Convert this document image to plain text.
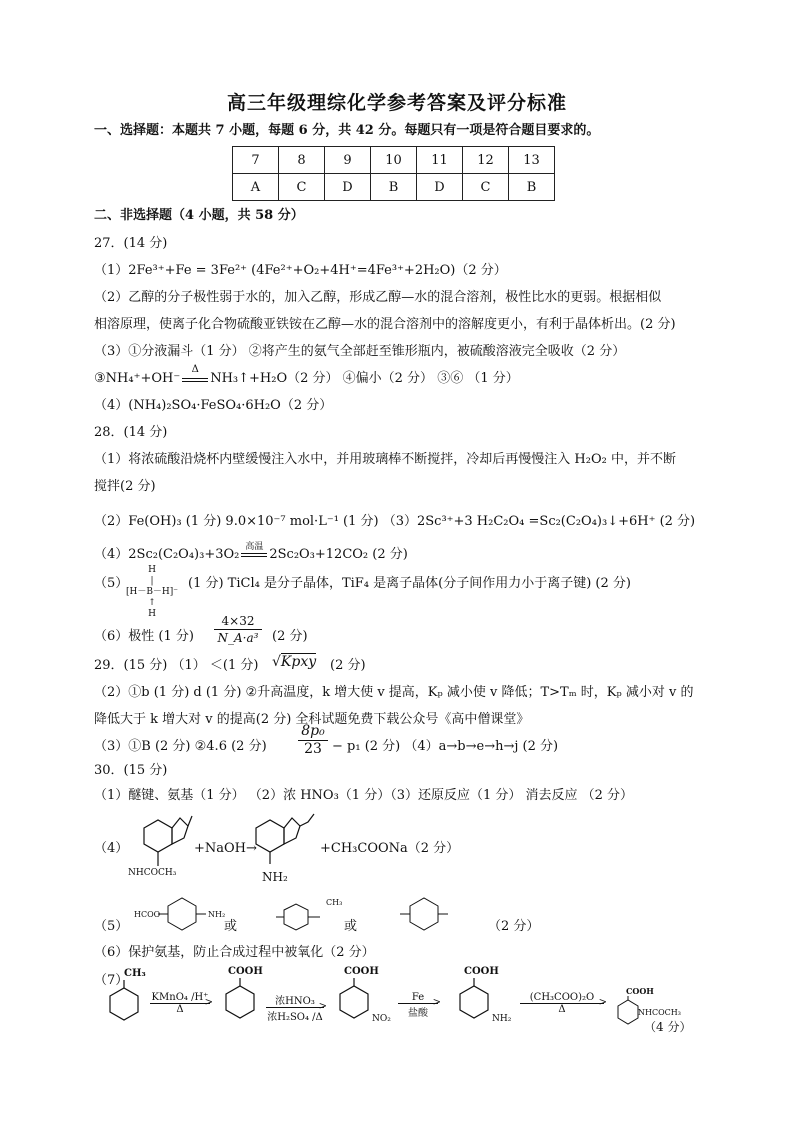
高三年级理综化学参考答案及评分标准
一、选择题：本题共 7 小题，每题 6 分，共 42 分。每题只有一项是符合题目要求的。
7	8	9	10	11	12	13
A	C	D	B	D	C	B
二、非选择题（4 小题，共 58 分）
27．(14 分)
（1）2Fe³⁺+Fe = 3Fe²⁺ (4Fe²⁺+O₂+4H⁺=4Fe³⁺+2H₂O)（2 分）
（2）乙醇的分子极性弱于水的，加入乙醇，形成乙醇—水的混合溶剂，极性比水的更弱。根据相似
相溶原理，使离子化合物硫酸亚铁铵在乙醇—水的混合溶剂中的溶解度更小，有利于晶体析出。(2 分)
（3）①分液漏斗（1 分） ②将产生的氨气全部赶至锥形瓶内，被硫酸溶液完全吸收（2 分）
③NH₄⁺+OH⁻
Δ
NH₃↑+H₂O（2 分） ④偏小（2 分） ③⑥ （1 分）
（4）(NH₄)₂SO₄·FeSO₄·6H₂O（2 分）
28．(14 分)
（1）将浓硫酸沿烧杯内壁缓慢注入水中，并用玻璃棒不断搅拌，冷却后再慢慢注入 H₂O₂ 中，并不断
搅拌(2 分)
（2）Fe(OH)₃ (1 分) 9.0×10⁻⁷ mol·L⁻¹ (1 分) （3）2Sc³⁺+3 H₂C₂O₄ =Sc₂(C₂O₄)₃↓+6H⁺ (2 分)
（4）2Sc₂(C₂O₄)₃+3O₂ 高温 2Sc₂O₃+12CO₂ (2 分)
（5）
H
|
[H－B－H]⁻
↑
H
(1 分) TiCl₄ 是分子晶体，TiF₄ 是离子晶体(分子间作用力小于离子键) (2 分)
（6）极性 (1 分) $\frac{4\times 32}{\text{N\_A·a³}} (2$ 分)
29．(15 分) （1） ＜(1 分) √Kpxy (2 分)
（2）①b (1 分) d (1 分) ②升高温度，k 增大使 v 提高，Kₚ 减小使 v 降低；T>Tₘ 时，Kₚ 减小对 v 的
降低大于 k 增大对 v 的提高(2 分) 全科试题免费下载公众号《高中僧课堂》
（3）①B (2 分) ②4.6 (2 分) $\frac{\text{8p₀}}{23} - p_1$ (2 分) （4）a→b→e→h→j (2 分)
30．(15 分)
（1）醚键、氨基（1 分） （2）浓 HNO₃（1 分）（3）还原反应（1 分） 消去反应 （2 分）
（4）
NHCOCH₃
+NaOH→
NH₂
+CH₃COONa（2 分）
（5）
HCOO	NH₂
或
CH₃
或	（2 分）
（6）保护氨基，防止合成过程中被氧化（2 分）
（7）
CH₃
KMnO₄ /H⁺
>
Δ
COOH
浓HNO₃ >
浓H₂SO₄ /Δ
COOH
NO₂
Fe >
盐酸
COOH
NH₂
(CH₃COO)₂O >
Δ
COOH
NHCOCH₃
（4 分）
